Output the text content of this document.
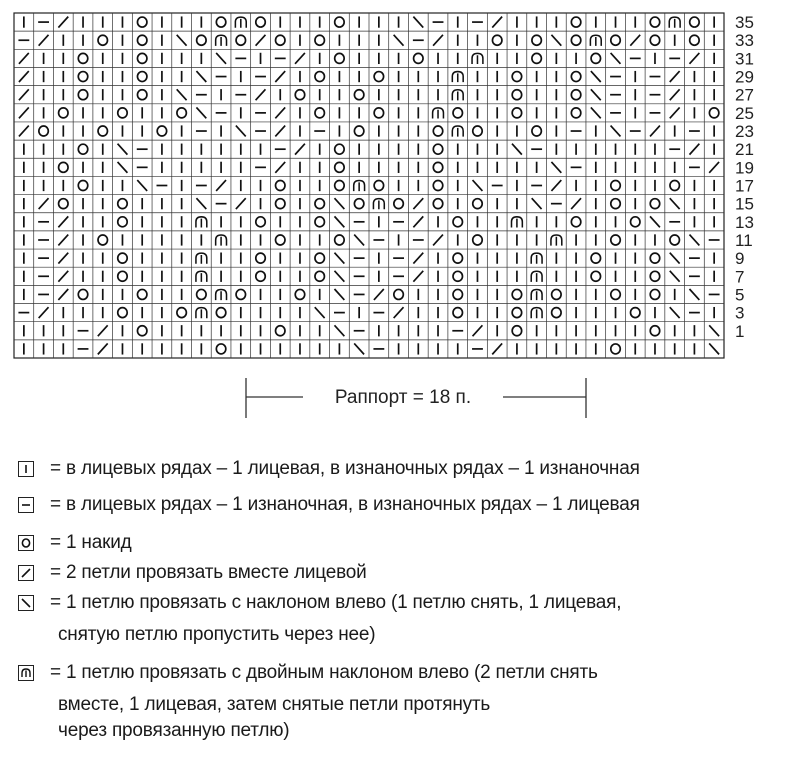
35
33
31
29
27
25
23
21
19
17
15
13
11
9
7
5
3
1
Раппорт = 18 п.
= в лицевых рядах – 1 лицевая, в изнаночных рядах – 1 изнаночная
= в лицевых рядах – 1 изнаночная, в изнаночных рядах – 1 лицевая
= 1 накид
= 2 петли провязать вместе лицевой
= 1 петлю провязать с наклоном влево (1 петлю снять, 1 лицевая,
снятую петлю пропустить через нее)
= 1 петлю провязать с двойным наклоном влево (2 петли снять
вместе, 1 лицевая, затем снятые петли протянуть
через провязанную петлю)
